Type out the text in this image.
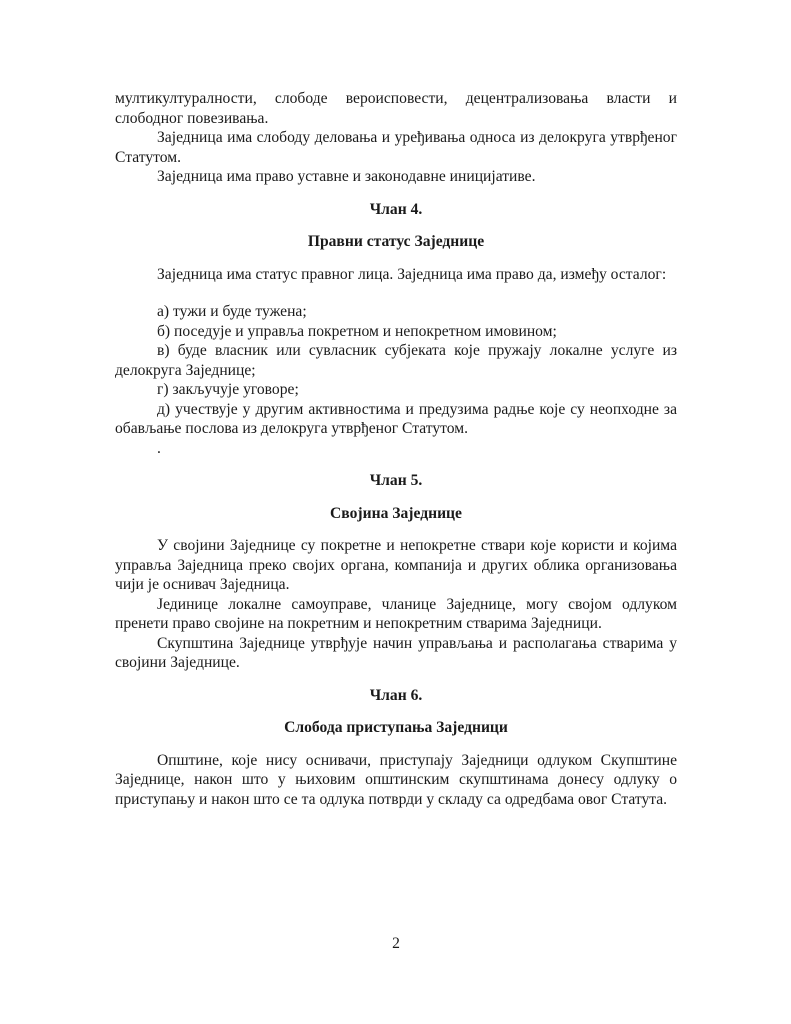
мултикултуралности, слободе вероисповести, децентрализовања власти и слободног повезивања.

Заједница има слободу деловања и уређивања односа из делокруга утврђеног Статутом.

Заједница има право уставне и законодавне иницијативе.

Члан 4.

Правни статус Заједнице

Заједница има статус правног лица. Заједница има право да, између осталог:

а) тужи и буде тужена;

б) поседује и управља покретном и непокретном имовином;

в) буде власник или сувласник субјеката које пружају локалне услуге из делокруга Заједнице;

г) закључује уговоре;

д) учествује у другим активностима и предузима радње које су неопходне за обављање послова из делокруга утврђеног Статутом.

.

Члан 5.

Својина Заједнице

У својини Заједнице су покретне и непокретне ствари које користи и којима управља Заједница преко својих органа, компанија и других облика организовања чији је оснивач Заједница.

Јединице локалне самоуправе, чланице Заједнице, могу својом одлуком пренети право својине на покретним и непокретним стварима Заједници.

Скупштина Заједнице утврђује начин управљања и располагања стварима у својини Заједнице.

Члан 6.

Слобода приступања Заједници

Општине, које нису оснивачи, приступају Заједници одлуком Скупштине Заједнице, након што у њиховим општинским скупштинама донесу одлуку о приступању и након што се та одлука потврди у складу са одредбама овог Статута.

2
